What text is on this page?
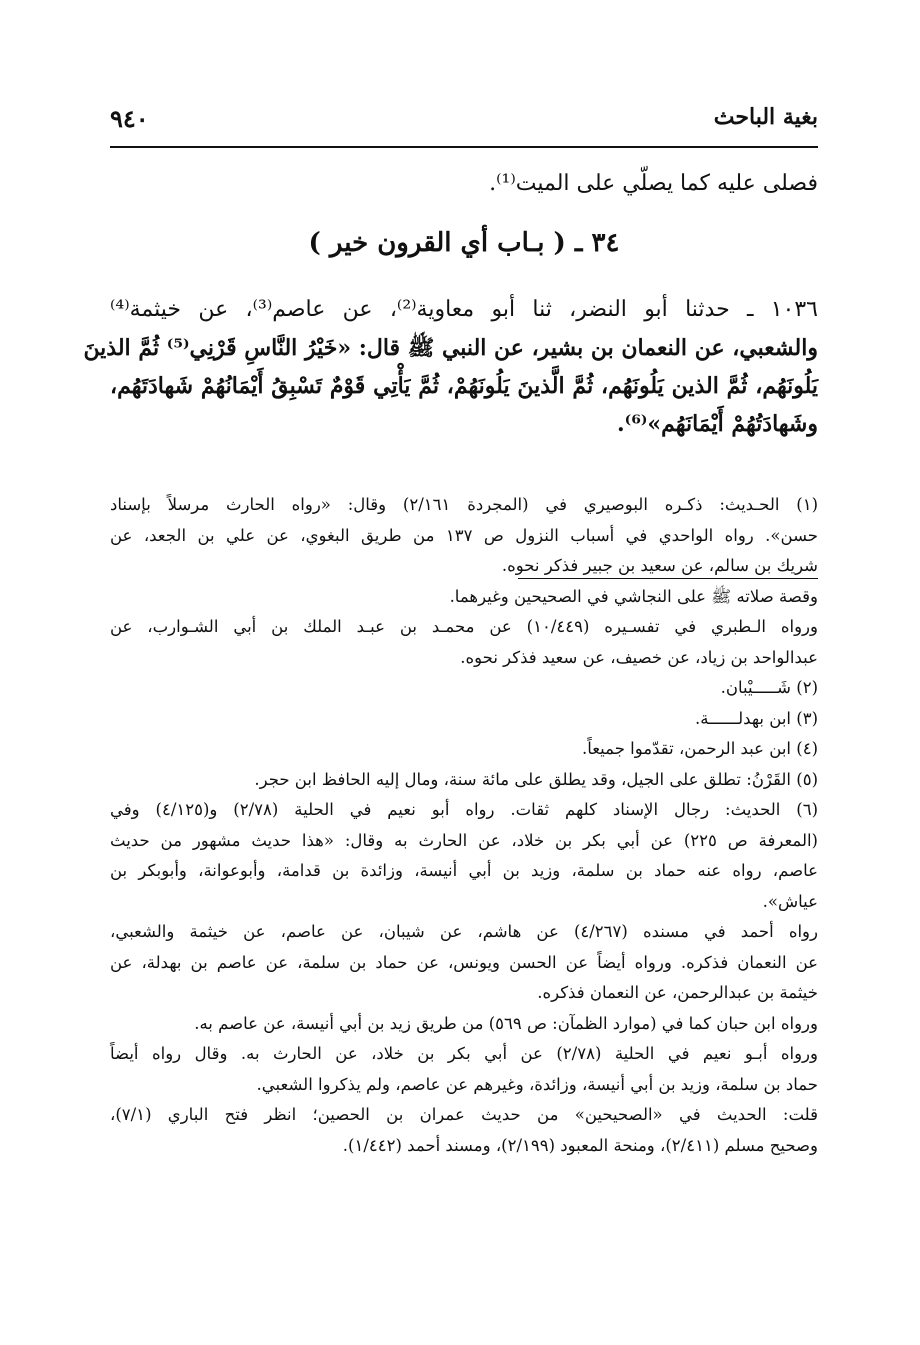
بغية الباحث
٩٤٠
فصلى عليه كما يصلّي على الميت⁽¹⁾.
٣٤ ـ ( بـاب أي القرون خير )
١٠٣٦ ـ حدثنا أبو النضر، ثنا أبو معاوية⁽²⁾، عن عاصم⁽³⁾، عن خيثمة⁽⁴⁾
والشعبي، عن النعمان بن بشير، عن النبي ﷺ قال: «خَيْرُ النَّاسِ قَرْنِي⁽⁵⁾ ثُمَّ الذينَ
يَلُونَهُم، ثُمَّ الذين يَلُونَهُم، ثُمَّ الَّذينَ يَلُونَهُمْ، ثُمَّ يَأْتِي قَوْمٌ تَسْبِقُ أَيْمَانُهُمْ شَهادَتَهُم،
وشَهادَتُهُمْ أَيْمَانَهُم»⁽⁶⁾.
(١) الحـديث: ذكـره البوصيري في (المجردة ٢/١٦١) وقال: «رواه الحارث مرسلاً بإسناد
حسن». رواه الواحدي في أسباب النزول ص ١٣٧ من طريق البغوي، عن علي بن الجعد، عن
شريك بن سالم، عن سعيد بن جبير فذكر نحوه.
وقصة صلاته ﷺ على النجاشي في الصحيحين وغيرهما.
ورواه الـطبري في تفسـيره (١٠/٤٤٩) عن محمـد بن عبـد الملك بن أبي الشـوارب، عن
عبدالواحد بن زياد، عن خصيف، عن سعيد فذكر نحوه.
(٢) شَـــــيْبان.
(٣) ابن بهدلــــــة.
(٤) ابن عبد الرحمن، تقدّموا جميعاً.
(٥) القَرْنُ: تطلق على الجيل، وقد يطلق على مائة سنة، ومال إليه الحافظ ابن حجر.
(٦) الحديث: رجال الإسناد كلهم ثقات. رواه أبو نعيم في الحلية (٢/٧٨) و(٤/١٢٥) وفي
(المعرفة ص ٢٢٥) عن أبي بكر بن خلاد، عن الحارث به وقال: «هذا حديث مشهور من حديث
عاصم، رواه عنه حماد بن سلمة، وزيد بن أبي أنيسة، وزائدة بن قدامة، وأبوعوانة، وأبوبكر بن
عياش».
رواه أحمد في مسنده (٤/٢٦٧) عن هاشم، عن شيبان، عن عاصم، عن خيثمة والشعبي،
عن النعمان فذكره. ورواه أيضاً عن الحسن ويونس، عن حماد بن سلمة، عن عاصم بن بهدلة، عن
خيثمة بن عبدالرحمن، عن النعمان فذكره.
ورواه ابن حبان كما في (موارد الظمآن: ص ٥٦٩) من طريق زيد بن أبي أنيسة، عن عاصم به.
ورواه أبـو نعيم في الحلية (٢/٧٨) عن أبي بكر بن خلاد، عن الحارث به. وقال رواه أيضاً
حماد بن سلمة، وزيد بن أبي أنيسة، وزائدة، وغيرهم عن عاصم، ولم يذكروا الشعبي.
قلت: الحديث في «الصحيحين» من حديث عمران بن الحصين؛ انظر فتح الباري (٧/١)،
وصحيح مسلم (٢/٤١١)، ومنحة المعبود (٢/١٩٩)، ومسند أحمد (١/٤٤٢).
